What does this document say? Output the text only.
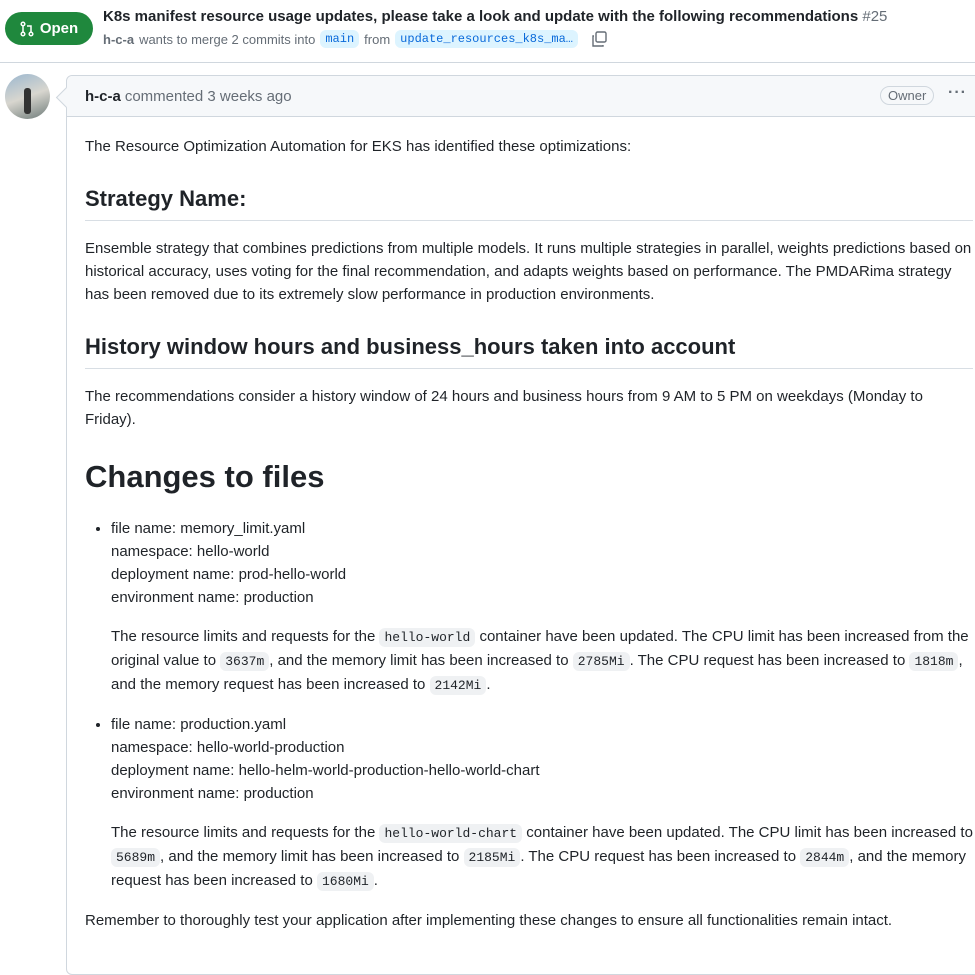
Open
K8s manifest resource usage updates, please take a look and update with the following recommendations #25
h-c-a wants to merge 2 commits into main from update_resources_k8s_ma…
h-c-a commented 3 weeks ago	Owner	···

The Resource Optimization Automation for EKS has identified these optimizations:

Strategy Name:

Ensemble strategy that combines predictions from multiple models. It runs multiple strategies in parallel, weights predictions based on historical accuracy, uses voting for the final recommendation, and adapts weights based on performance. The PMDARima strategy has been removed due to its extremely slow performance in production environments.

History window hours and business_hours taken into account

The recommendations consider a history window of 24 hours and business hours from 9 AM to 5 PM on weekdays (Monday to Friday).

Changes to files
• file name: memory_limit.yaml
namespace: hello-world
deployment name: prod-hello-world
environment name: production

The resource limits and requests for the hello-world container have been updated. The CPU limit has been increased from the original value to 3637m , and the memory limit has been increased to 2785Mi . The CPU request has been increased to 1818m , and the memory request has been increased to 2142Mi .

• file name: production.yaml
namespace: hello-world-production
deployment name: hello-helm-world-production-hello-world-chart
environment name: production

The resource limits and requests for the hello-world-chart container have been updated. The CPU limit has been increased to 5689m , and the memory limit has been increased to 2185Mi . The CPU request has been increased to 2844m , and the memory request has been increased to 1680Mi .

Remember to thoroughly test your application after implementing these changes to ensure all functionalities remain intact.
